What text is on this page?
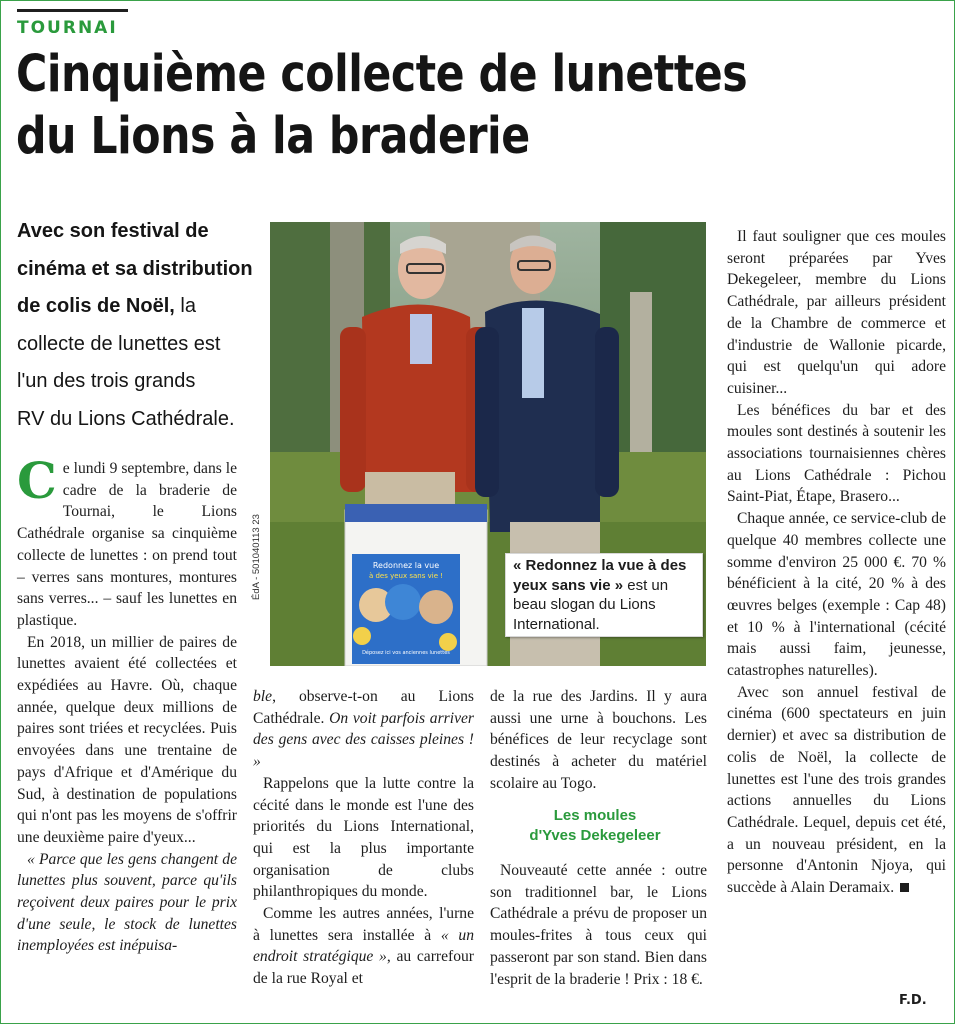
TOURNAI
Cinquième collecte de lunettes
du Lions à la braderie
Avec son festival de
cinéma et sa distribution
de colis de Noël, la
collecte de lunettes est
l'un des trois grands
RV du Lions Cathédrale.

Ce lundi 9 septembre, dans le cadre de la braderie de Tournai, le Lions Cathédrale organise sa cinquième collecte de lunettes : on prend tout – verres sans montures, montures sans verres... – sauf les lunettes en plastique.

En 2018, un millier de paires de lunettes avaient été collectées et expédiées au Havre. Où, chaque année, quelque deux millions de paires sont triées et recyclées. Puis envoyées dans une trentaine de pays d'Afrique et d'Amérique du Sud, à destination de populations qui n'ont pas les moyens de s'offrir une deuxième paire d'yeux...

« Parce que les gens changent de lunettes plus souvent, parce qu'ils reçoivent deux paires pour le prix d'une seule, le stock de lunettes inemployées est inépuisa-

Redonnez la vue
à des yeux sans vie !
Déposez ici vos anciennes lunettes
ÉdA - 501040113 23	« Redonnez la vue à des yeux sans vie » est un beau slogan du Lions International.

ble, observe-t-on au Lions Cathédrale. On voit parfois arriver des gens avec des caisses pleines ! »

Rappelons que la lutte contre la cécité dans le monde est l'une des priorités du Lions International, qui est la plus importante organisation de clubs philanthropiques du monde.

Comme les autres années, l'urne à lunettes sera installée à « un endroit stratégique », au carrefour de la rue Royal et

de la rue des Jardins. Il y aura aussi une urne à bouchons. Les bénéfices de leur recyclage sont destinés à acheter du matériel scolaire au Togo.

Les moules
d'Yves Dekegeleer

Nouveauté cette année : outre son traditionnel bar, le Lions Cathédrale a prévu de proposer un moules-frites à tous ceux qui passeront par son stand. Bien dans l'esprit de la braderie ! Prix : 18 €.

Il faut souligner que ces moules seront préparées par Yves Dekegeleer, membre du Lions Cathédrale, par ailleurs président de la Chambre de commerce et d'industrie de Wallonie picarde, qui est quelqu'un qui adore cuisiner...

Les bénéfices du bar et des moules sont destinés à soutenir les associations tournaisiennes chères au Lions Cathédrale : Pichou Saint-Piat, Étape, Brasero...

Chaque année, ce service-club de quelque 40 membres collecte une somme d'environ 25 000 €. 70 % bénéficient à la cité, 20 % à des œuvres belges (exemple : Cap 48) et 10 % à l'international (cécité mais aussi faim, jeunesse, catastrophes naturelles).

Avec son annuel festival de cinéma (600 spectateurs en juin dernier) et avec sa distribution de colis de Noël, la collecte de lunettes est l'une des trois grandes actions annuelles du Lions Cathédrale. Lequel, depuis cet été, a un nouveau président, en la personne d'Antonin Njoya, qui succède à Alain Deramaix.

F.D.
